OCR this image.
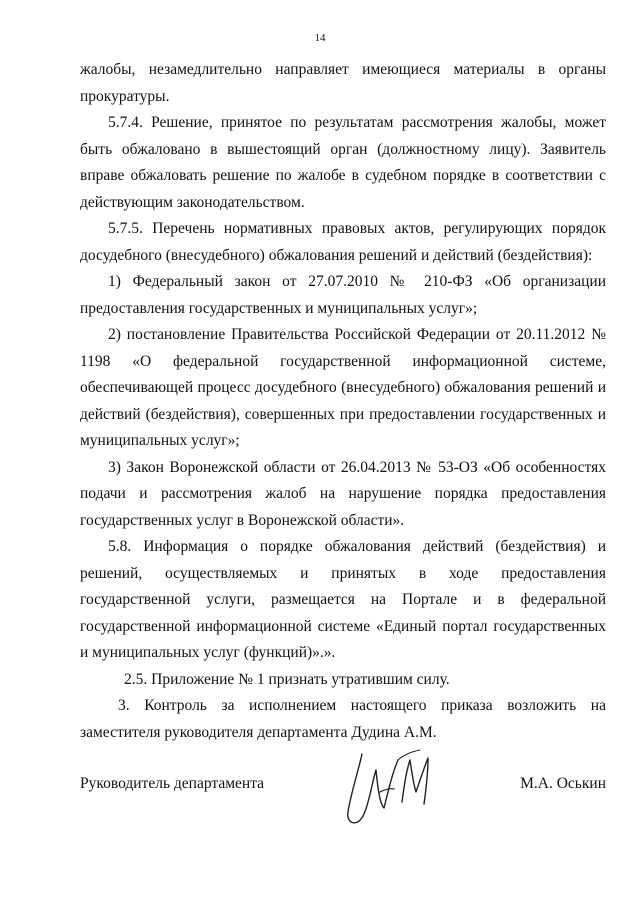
14

жалобы, незамедлительно направляет имеющиеся материалы в органы прокуратуры.

5.7.4. Решение, принятое по результатам рассмотрения жалобы, может быть обжаловано в вышестоящий орган (должностному лицу). Заявитель вправе обжаловать решение по жалобе в судебном порядке в соответствии с действующим законодательством.

5.7.5. Перечень нормативных правовых актов, регулирующих порядок досудебного (внесудебного) обжалования решений и действий (бездействия):

1) Федеральный закон от 27.07.2010 № 210-ФЗ «Об организации предоставления государственных и муниципальных услуг»;

2) постановление Правительства Российской Федерации от 20.11.2012 № 1198 «О федеральной государственной информационной системе, обеспечивающей процесс досудебного (внесудебного) обжалования решений и действий (бездействия), совершенных при предоставлении государственных и муниципальных услуг»;

3) Закон Воронежской области от 26.04.2013 № 53-ОЗ «Об особенностях подачи и рассмотрения жалоб на нарушение порядка предоставления государственных услуг в Воронежской области».

5.8. Информация о порядке обжалования действий (бездействия) и решений, осуществляемых и принятых в ходе предоставления государственной услуги, размещается на Портале и в федеральной государственной информационной системе «Единый портал государственных и муниципальных услуг (функций)».».

2.5. Приложение № 1 признать утратившим силу.

3. Контроль за исполнением настоящего приказа возложить на заместителя руководителя департамента Дудина А.М.

Руководитель департамента	М.А. Оськин
